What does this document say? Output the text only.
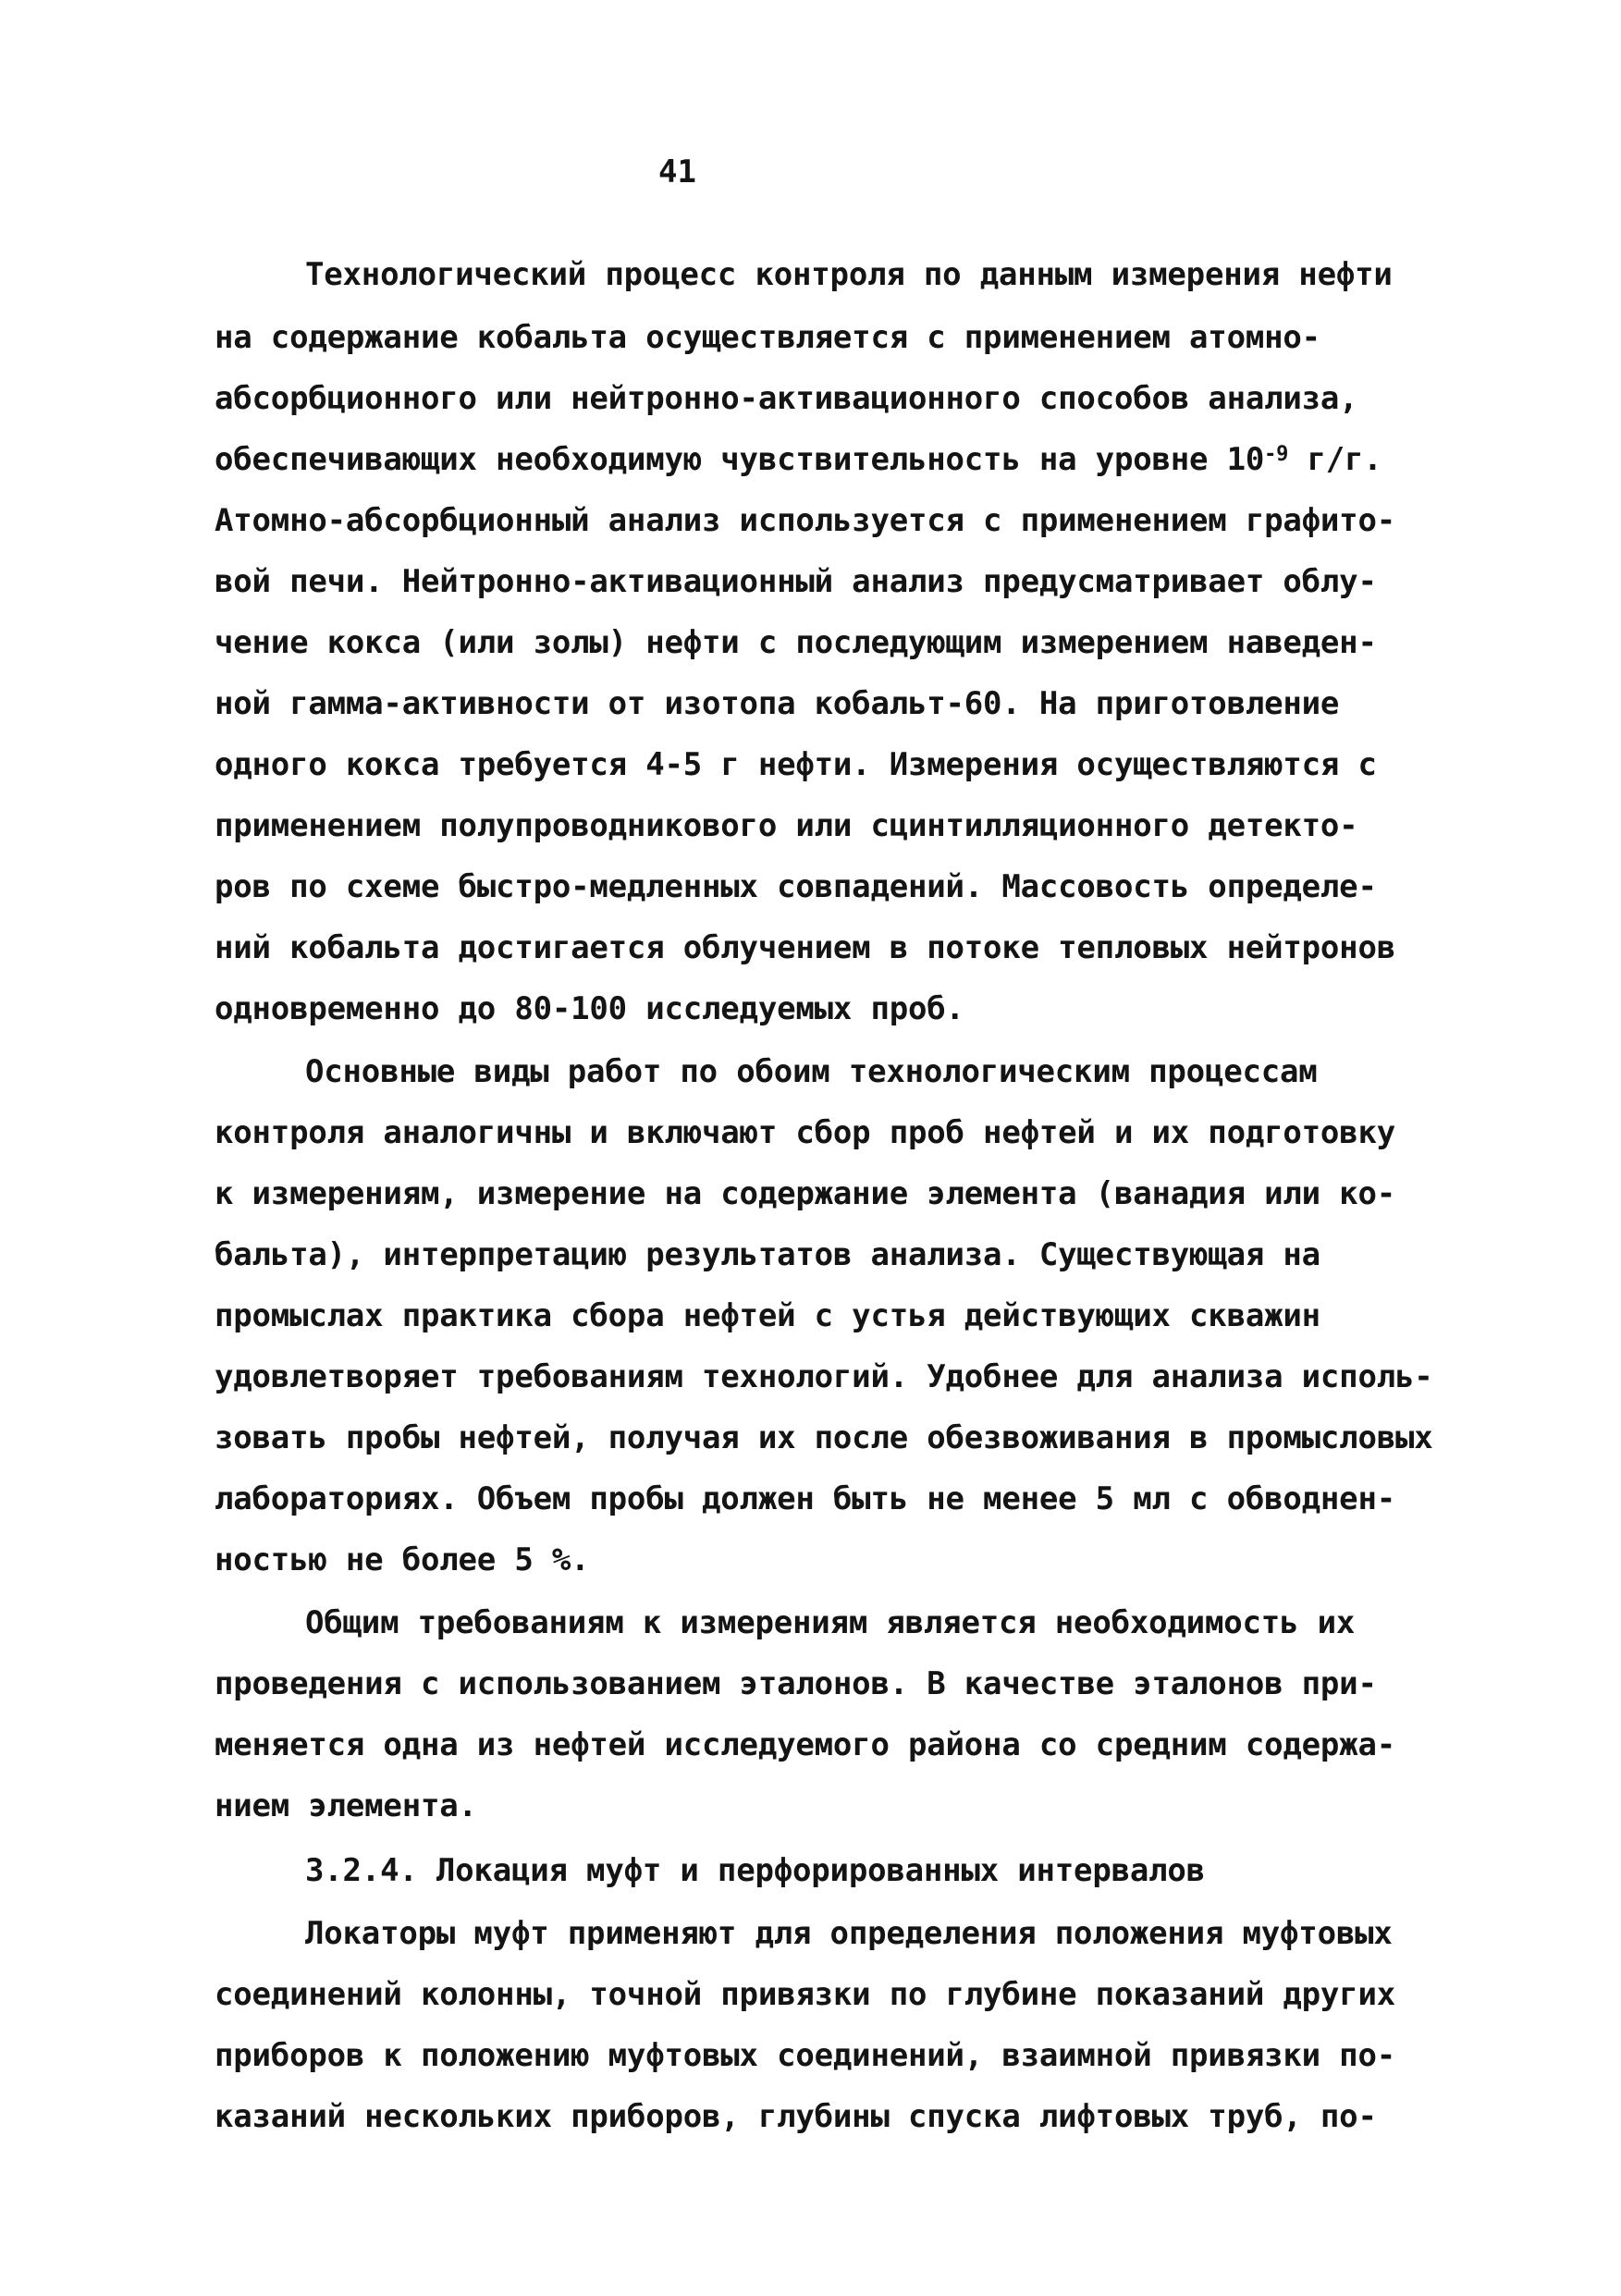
41
Технологический процесс контроля по данным измерения нефти
на содержание кобальта осуществляется с применением атомно-
абсорбционного или нейтронно-активационного способов анализа,
обеспечивающих необходимую чувствительность на уровне $10^{-9}$ г/г.
Атомно-абсорбционный анализ используется с применением графито-
вой печи. Нейтронно-активационный анализ предусматривает облу-
чение кокса (или золы) нефти с последующим измерением наведен-
ной гамма-активности от изотопа кобальт-60. На приготовление
одного кокса требуется 4-5 г нефти. Измерения осуществляются с
применением полупроводникового или сцинтилляционного детекто-
ров по схеме быстро-медленных совпадений. Массовость определе-
ний кобальта достигается облучением в потоке тепловых нейтронов
одновременно до 80-100 исследуемых проб.
Основные виды работ по обоим технологическим процессам
контроля аналогичны и включают сбор проб нефтей и их подготовку
к измерениям, измерение на содержание элемента (ванадия или ко-
бальта), интерпретацию результатов анализа. Существующая на
промыслах практика сбора нефтей с устья действующих скважин
удовлетворяет требованиям технологий. Удобнее для анализа исполь-
зовать пробы нефтей, получая их после обезвоживания в промысловых
лабораториях. Объем пробы должен быть не менее 5 мл с обводнен-
ностью не более 5 %.
Общим требованиям к измерениям является необходимость их
проведения с использованием эталонов. В качестве эталонов при-
меняется одна из нефтей исследуемого района со средним содержа-
нием элемента.
3.2.4. Локация муфт и перфорированных интервалов
Локаторы муфт применяют для определения положения муфтовых
соединений колонны, точной привязки по глубине показаний других
приборов к положению муфтовых соединений, взаимной привязки по-
казаний нескольких приборов, глубины спуска лифтовых труб, по-
